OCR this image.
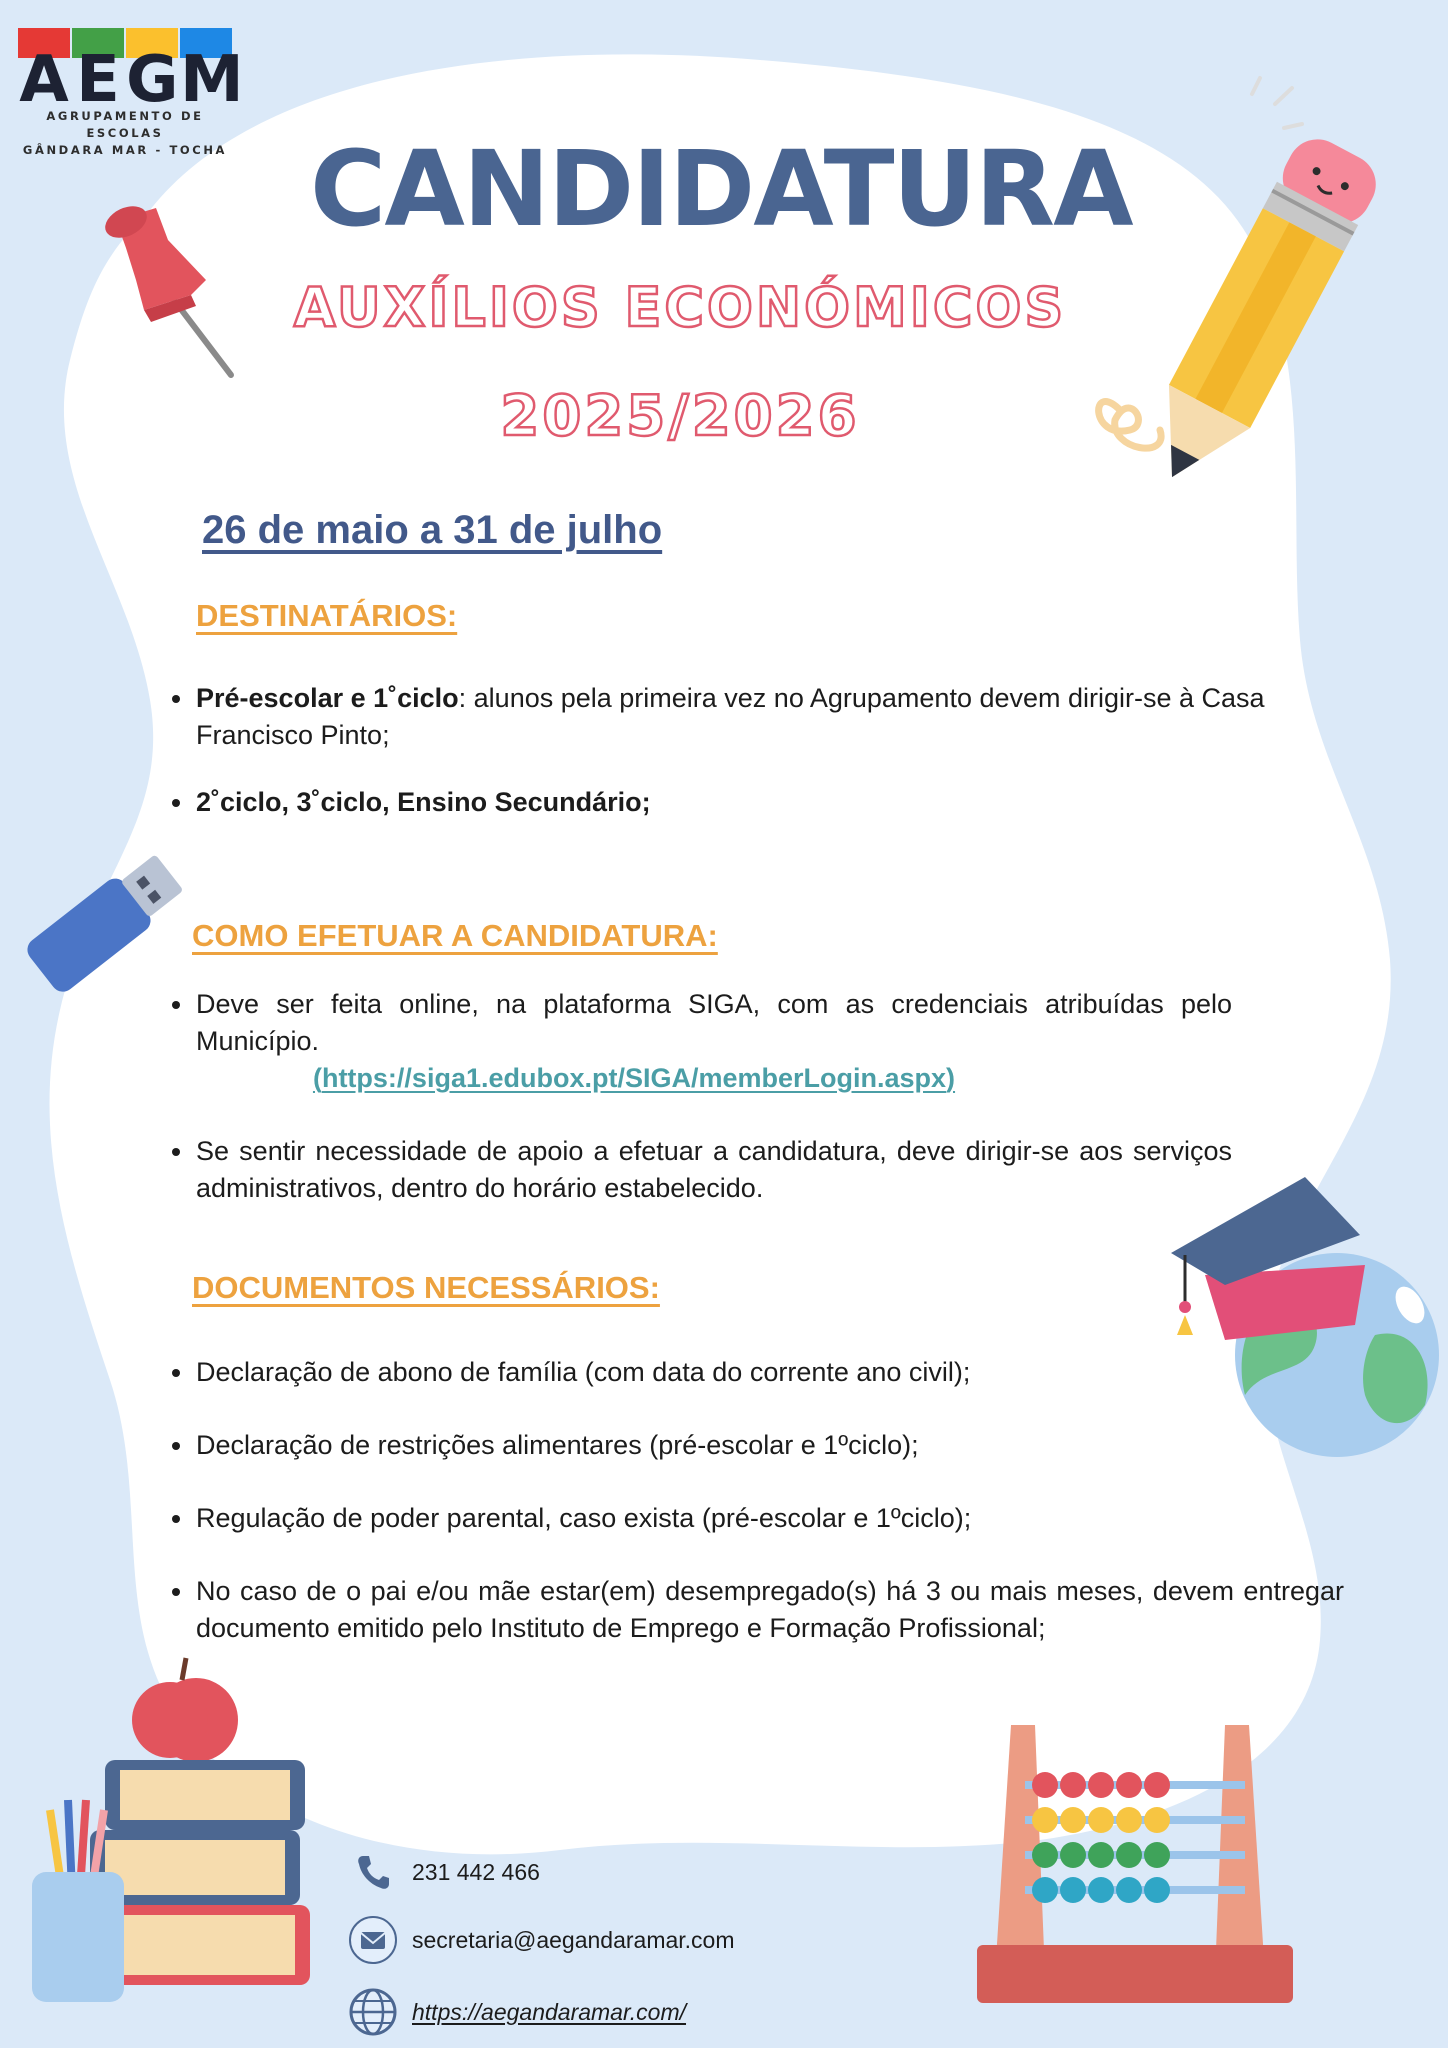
A E G M
AGRUPAMENTO DE ESCOLAS
GÂNDARA MAR - TOCHA CANDIDATURA
AUXÍLIOS ECONÓMICOS
2025/2026
26 de maio a 31 de julho
DESTINATÁRIOS:
Pré-escolar e 1˚ciclo: alunos pela primeira vez no Agrupamento devem dirigir-se à Casa Francisco Pinto;
2˚ciclo, 3˚ciclo, Ensino Secundário;
COMO EFETUAR A CANDIDATURA:
Deve ser feita online, na plataforma SIGA, com as credenciais atribuídas pelo Município.
(https://siga1.edubox.pt/SIGA/memberLogin.aspx)
Se sentir necessidade de apoio a efetuar a candidatura, deve dirigir-se aos serviços administrativos, dentro do horário estabelecido.
DOCUMENTOS NECESSÁRIOS:
Declaração de abono de família (com data do corrente ano civil);
Declaração de restrições alimentares (pré-escolar e 1ºciclo);
Regulação de poder parental, caso exista (pré-escolar e 1ºciclo);
No caso de o pai e/ou mãe estar(em) desempregado(s) há 3 ou mais meses, devem entregar documento emitido pelo Instituto de Emprego e Formação Profissional;
231 442 466
secretaria@aegandaramar.com
https://aegandaramar.com/
